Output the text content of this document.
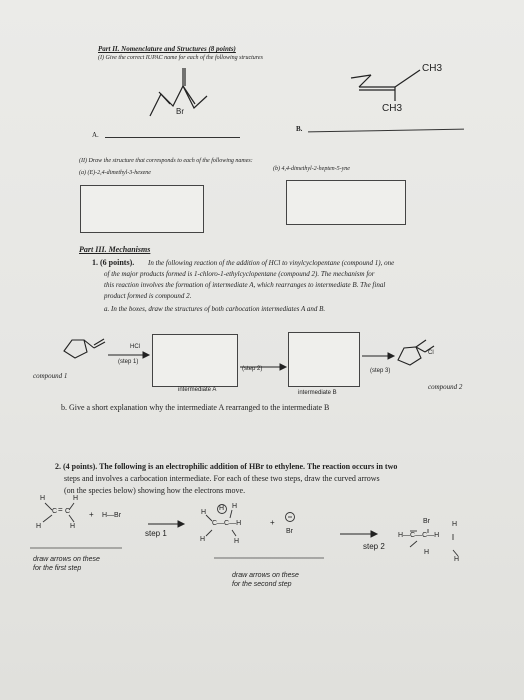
Part II. Nomenclature and Structures (8 points)
(I) Give the correct IUPAC name for each of the following structures
Br
CH3
CH3
A.
B.
(II) Draw the structure that corresponds to each of the following names:
(a) (E)-2,4-dimethyl-3-hexene
(b) 4,4-dimethyl-2-hepten-5-yne
Part III. Mechanisms
1. (6 points). In the following reaction of the addition of HCl to vinylcyclopentane (compound 1), one
of the major products formed is 1-chloro-1-ethylcyclopentane (compound 2). The mechanism for
this reaction involves the formation of intermediate A, which rearranges to intermediate B. The final
product formed is compound 2.
a. In the boxes, draw the structures of both carbocation intermediates A and B.
HCl
(step 1)
(step 2)	(step 3)
Cl
compound 1
intermediate A	intermediate B
compound 2
b. Give a short explanation why the intermediate A rearranged to the intermediate B
2. (4 points). The following is an electrophilic addition of HBr to ethylene. The reaction occurs in two
steps and involves a carbocation intermediate. For each of these two steps, draw the curved arrows
(on the species below) showing how the electrons move.
H	H
C = C
H	H
+ H—Br
step 1
H
H H
C—C—H
H	H
+
Br
step 2
Br	H
H—C—C—H
H
H
draw arrows on these
for the first step
draw arrows on these
for the second step
